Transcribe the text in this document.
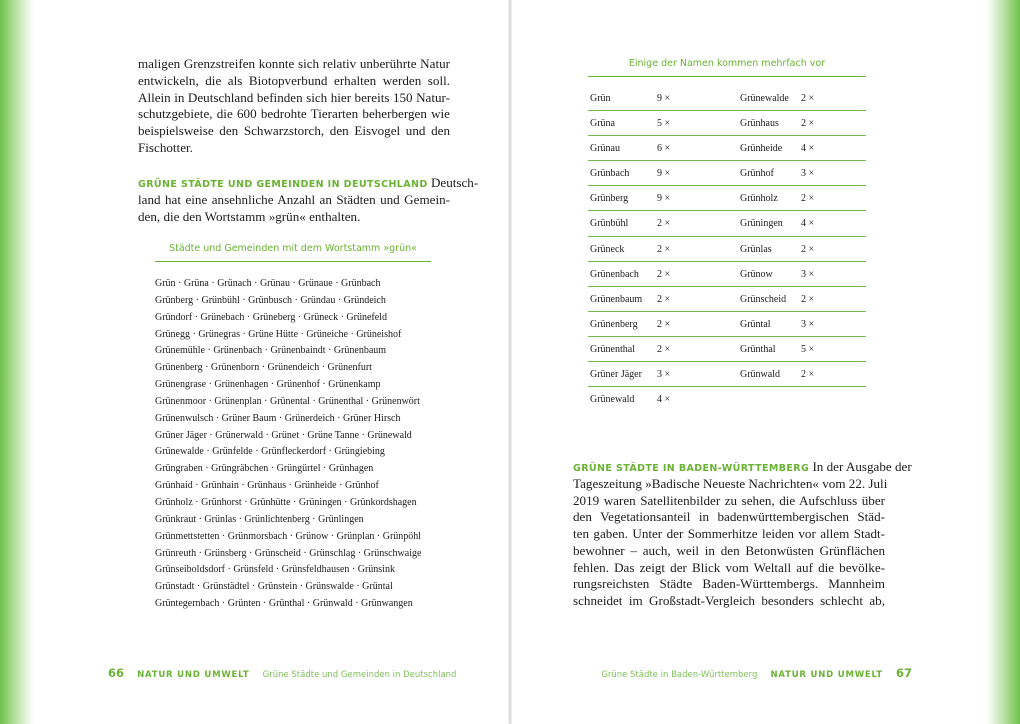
maligen Grenzstreifen konnte sich relativ unberührte Natur
entwickeln, die als Biotopverbund erhalten werden soll.
Allein in Deutschland befinden sich hier bereits 150 Natur-
schutzgebiete, die 600 bedrohte Tierarten beherbergen wie
beispielsweise den Schwarzstorch, den Eisvogel und den
Fischotter.
GRÜNE STÄDTE UND GEMEINDEN IN DEUTSCHLAND Deutsch-
land hat eine ansehnliche Anzahl an Städten und Gemein-
den, die den Wortstamm »grün« enthalten.
Städte und Gemeinden mit dem Wortstamm »grün«
Grün · Grüna · Grünach · Grünau · Grünaue · Grünbach
Grünberg · Grünbühl · Grünbusch · Gründau · Gründeich
Gründorf · Grünebach · Grüneberg · Grüneck · Grünefeld
Grünegg · Grünegras · Grüne Hütte · Grüneiche · Grüneishof
Grünemühle · Grünenbach · Grünenbaindt · Grünenbaum
Grünenberg · Grünenborn · Grünendeich · Grünenfurt
Grünengrase · Grünenhagen · Grünenhof · Grünenkamp
Grünenmoor · Grünenplan · Grünental · Grünenthal · Grünenwört
Grünenwulsch · Grüner Baum · Grünerdeich · Grüner Hirsch
Grüner Jäger · Grünerwald · Grünet · Grüne Tanne · Grünewald
Grünewalde · Grünfelde · Grünfleckerdorf · Grüngiebing
Grüngraben · Grüngräbchen · Grüngürtel · Grünhagen
Grünhaid · Grünhain · Grünhaus · Grünheide · Grünhof
Grünholz · Grünhorst · Grünhütte · Grüningen · Grünkordshagen
Grünkraut · Grünlas · Grünlichtenberg · Grünlingen
Grünmettstetten · Grünmorsbach · Grünow · Grünplan · Grünpöhl
Grünreuth · Grünsberg · Grünscheid · Grünschlag · Grünschwaige
Grünseiboldsdorf · Grünsfeld · Grünsfeldhausen · Grünsink
Grünstadt · Grünstädtel · Grünstein · Grünswalde · Grüntal
Grüntegernbach · Grünten · Grünthal · Grünwald · Grünwangen
66 NATUR UND UMWELT Grüne Städte und Gemeinden in Deutschland
Einige der Namen kommen mehrfach vor
Grün	9 ×	Grünewalde 2 ×
Grüna	5 ×	Grünhaus 2 ×
Grünau	6 ×	Grünheide 4 ×
Grünbach	9 ×	Grünhof	3 ×
Grünberg	9 ×	Grünholz 2 ×
Grünbühl	2 ×	Grüningen 4 ×
Grüneck	2 ×	Grünlas	2 ×
Grünenbach 2 ×	Grünow	3 ×
Grünenbaum 2 ×	Grünscheid 2 ×
Grünenberg 2 ×	Grüntal	3 ×
Grünenthal 2 ×	Grünthal	5 ×
Grüner Jäger 3 ×	Grünwald 2 ×
Grünewald 4 ×
GRÜNE STÄDTE IN BADEN-WÜRTTEMBERG In der Ausgabe der
Tageszeitung »Badische Neueste Nachrichten« vom 22. Juli
2019 waren Satellitenbilder zu sehen, die Aufschluss über
den Vegetationsanteil in badenwürttembergischen Städ-
ten gaben. Unter der Sommerhitze leiden vor allem Stadt-
bewohner – auch, weil in den Betonwüsten Grünflächen
fehlen. Das zeigt der Blick vom Weltall auf die bevölke-
rungsreichsten Städte Baden-Württembergs. Mannheim
schneidet im Großstadt-Vergleich besonders schlecht ab,
Grüne Städte in Baden-Württemberg NATUR UND UMWELT 67
